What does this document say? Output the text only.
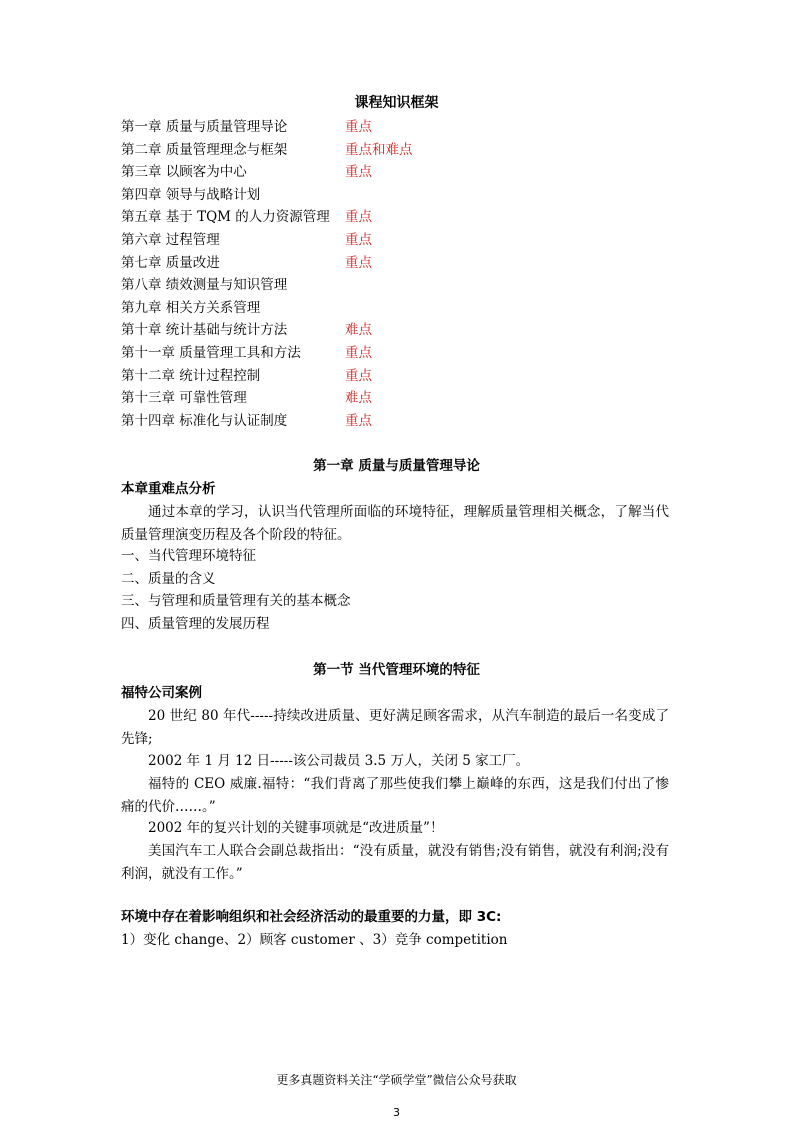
课程知识框架
第一章 质量与质量管理导论	重点
第二章 质量管理理念与框架	重点和难点
第三章 以顾客为中心	重点
第四章 领导与战略计划
第五章 基于 TQM 的人力资源管理 重点
第六章 过程管理	重点
第七章 质量改进	重点
第八章 绩效测量与知识管理
第九章 相关方关系管理
第十章 统计基础与统计方法	难点
第十一章 质量管理工具和方法	重点
第十二章 统计过程控制	重点
第十三章 可靠性管理	难点
第十四章 标准化与认证制度	重点
第一章 质量与质量管理导论
本章重难点分析
通过本章的学习，认识当代管理所面临的环境特征，理解质量管理相关概念，了解当代质量管理演变历程及各个阶段的特征。
一、当代管理环境特征
二、质量的含义
三、与管理和质量管理有关的基本概念
四、质量管理的发展历程
第一节 当代管理环境的特征
福特公司案例
20 世纪 80 年代-----持续改进质量、更好满足顾客需求，从汽车制造的最后一名变成了先锋;
2002 年 1 月 12 日-----该公司裁员 3.5 万人，关闭 5 家工厂。
福特的 CEO 威廉.福特：“我们背离了那些使我们攀上巅峰的东西，这是我们付出了惨痛的代价……。”
2002 年的复兴计划的关键事项就是“改进质量”！
美国汽车工人联合会副总裁指出：“没有质量，就没有销售;没有销售，就没有利润;没有利润，就没有工作。”
环境中存在着影响组织和社会经济活动的最重要的力量，即 3C:
1）变化 change、2）顾客 customer 、3）竞争 competition
更多真题资料关注“学硕学堂”微信公众号获取
3
